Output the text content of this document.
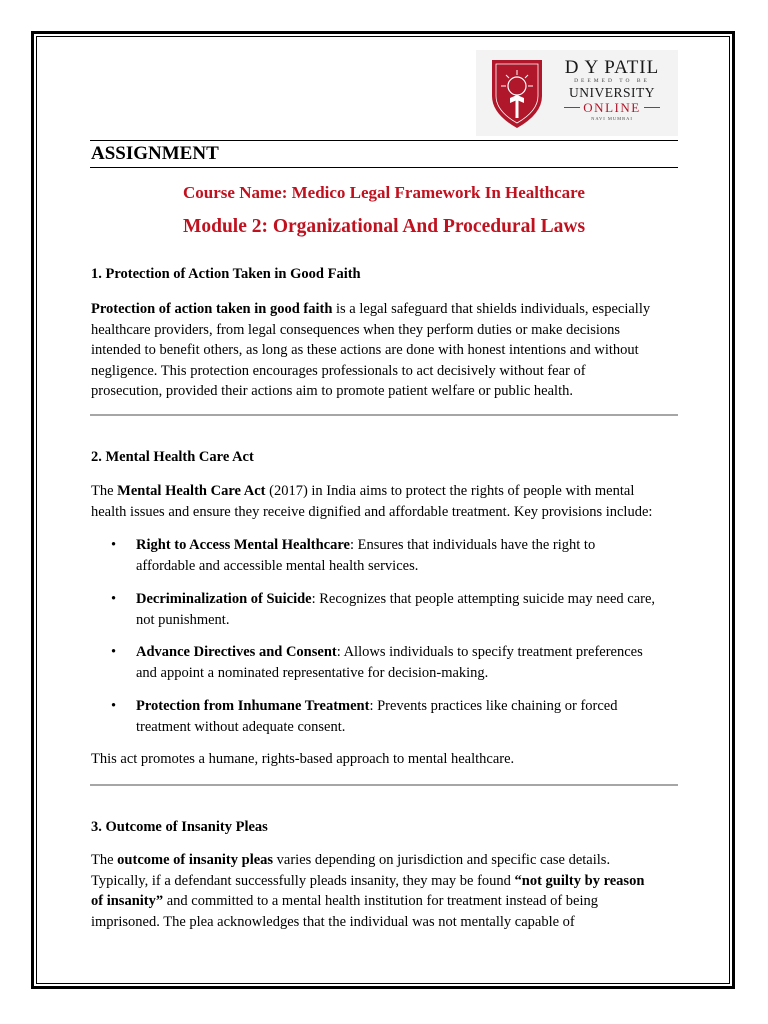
D Y PATIL
DEEMED TO BE
UNIVERSITY
ONLINE
NAVI MUMBAI
ASSIGNMENT
Course Name: Medico Legal Framework In Healthcare
Module 2: Organizational And Procedural Laws
1. Protection of Action Taken in Good Faith
Protection of action taken in good faith is a legal safeguard that shields individuals, especially
healthcare providers, from legal consequences when they perform duties or make decisions
intended to benefit others, as long as these actions are done with honest intentions and without
negligence. This protection encourages professionals to act decisively without fear of
prosecution, provided their actions aim to promote patient welfare or public health.
2. Mental Health Care Act
The Mental Health Care Act (2017) in India aims to protect the rights of people with mental
health issues and ensure they receive dignified and affordable treatment. Key provisions include:
• Right to Access Mental Healthcare: Ensures that individuals have the right to
affordable and accessible mental health services.
• Decriminalization of Suicide: Recognizes that people attempting suicide may need care,
not punishment.
• Advance Directives and Consent: Allows individuals to specify treatment preferences
and appoint a nominated representative for decision-making.
• Protection from Inhumane Treatment: Prevents practices like chaining or forced
treatment without adequate consent.
This act promotes a humane, rights-based approach to mental healthcare.
3. Outcome of Insanity Pleas
The outcome of insanity pleas varies depending on jurisdiction and specific case details.
Typically, if a defendant successfully pleads insanity, they may be found “not guilty by reason
of insanity” and committed to a mental health institution for treatment instead of being
imprisoned. The plea acknowledges that the individual was not mentally capable of
